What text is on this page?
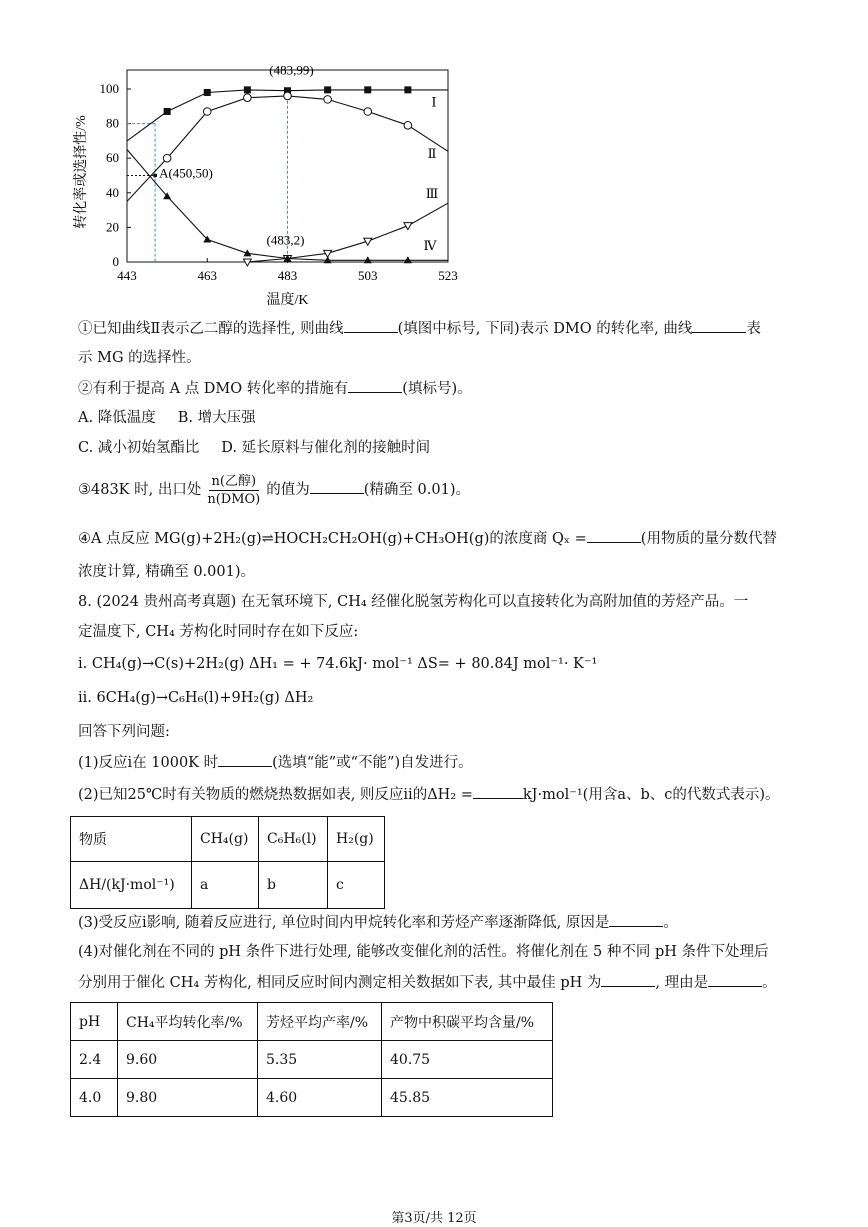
443	463	483	503	523
0
20
40
60
80
100
温度/K
转化率或选择性/%
Ⅰ
Ⅱ
Ⅲ
Ⅳ
(483,99)
A(450,50)
(483,2)
①已知曲线Ⅱ表示乙二醇的选择性, 则曲线	(填图中标号, 下同)表示 DMO 的转化率, 曲线	表
示 MG 的选择性。
②有利于提高 A 点 DMO 转化率的措施有	(填标号)。
A. 降低温度 B. 增大压强
C. 减小初始氢酯比 D. 延长原料与催化剂的接触时间
③483K 时, 出口处 $\frac{\text{n(乙醇)}}{\text{n(DMO)}}$ 的值为	(精确至 0.01)。
④A 点反应 MG(g)+2H₂(g)⇌HOCH₂CH₂OH(g)+CH₃OH(g)的浓度商 Qₓ =	(用物质的量分数代替
浓度计算, 精确至 0.001)。
8. (2024 贵州高考真题) 在无氧环境下, CH₄ 经催化脱氢芳构化可以直接转化为高附加值的芳烃产品。一
定温度下, CH₄ 芳构化时同时存在如下反应:
ⅰ. CH₄(g)→C(s)+2H₂(g) ΔH₁ = + 74.6kJ· mol⁻¹ ΔS= + 80.84J mol⁻¹· K⁻¹
ⅱ. 6CH₄(g)→C₆H₆(l)+9H₂(g) ΔH₂
回答下列问题:
(1)反应ⅰ在 1000K 时	(选填“能”或“不能”)自发进行。
(2)已知25℃时有关物质的燃烧热数据如表, 则反应ⅱ的ΔH₂ =	kJ·mol⁻¹(用含a、b、c的代数式表示)。
物质	CH₄(g)	C₆H₆(l)	H₂(g)
ΔH/(kJ·mol⁻¹)	a	b	c
(3)受反应ⅰ影响, 随着反应进行, 单位时间内甲烷转化率和芳烃产率逐渐降低, 原因是	。
(4)对催化剂在不同的 pH 条件下进行处理, 能够改变催化剂的活性。将催化剂在 5 种不同 pH 条件下处理后
分别用于催化 CH₄ 芳构化, 相同反应时间内测定相关数据如下表, 其中最佳 pH 为	, 理由是	。
pH	CH₄平均转化率/%	芳烃平均产率/%	产物中积碳平均含量/%
2.4	9.60	5.35	40.75
4.0	9.80	4.60	45.85
第3页/共 12页
